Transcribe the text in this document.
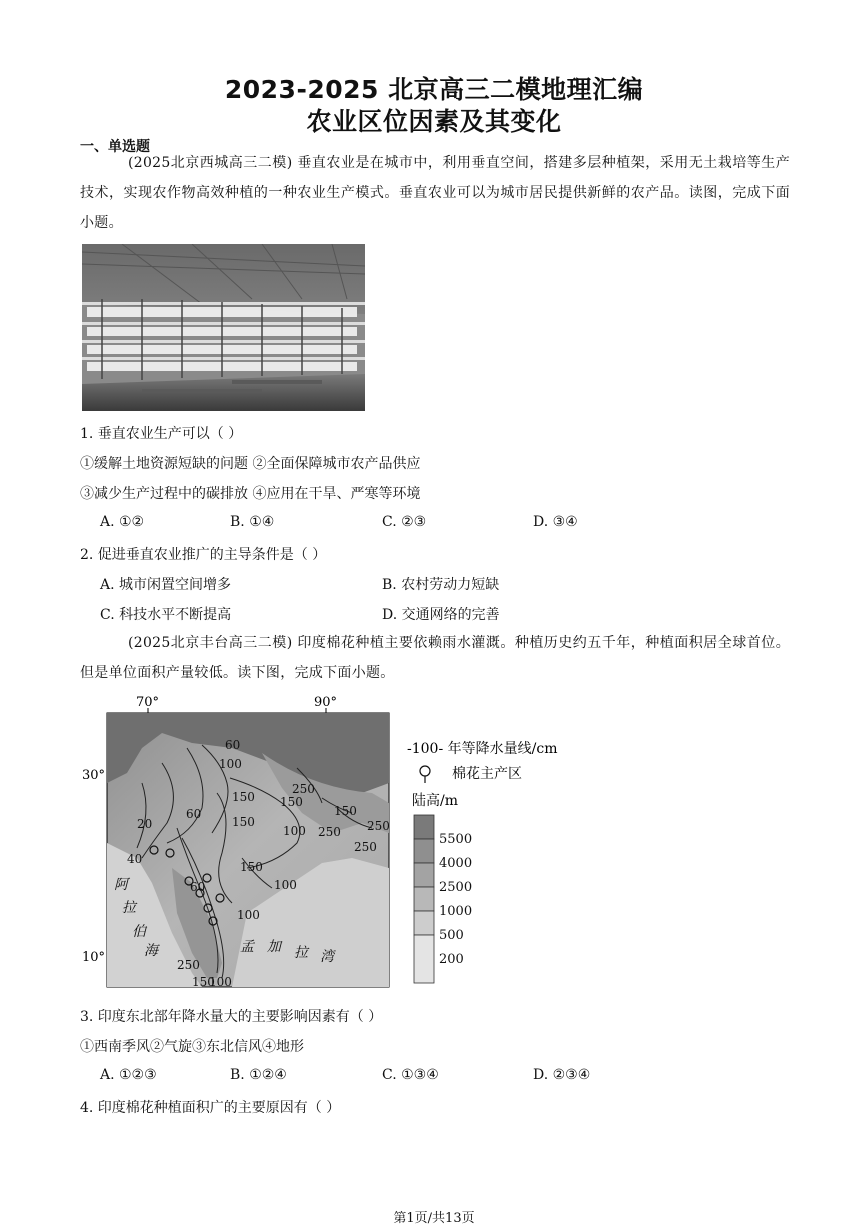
2023-2025 北京高三二模地理汇编
农业区位因素及其变化
一、单选题
(2025北京西城高三二模) 垂直农业是在城市中，利用垂直空间，搭建多层种植架，采用无土栽培等生产技术，实现农作物高效种植的一种农业生产模式。垂直农业可以为城市居民提供新鲜的农产品。读图，完成下面小题。
1. 垂直农业生产可以（ ）
①缓解土地资源短缺的问题 ②全面保障城市农产品供应
③减少生产过程中的碳排放 ④应用在干旱、严寒等环境
A. ①②	B. ①④	C. ②③	D. ③④
2. 促进垂直农业推广的主导条件是（ ）
A. 城市闲置空间增多	B. 农村劳动力短缺
C. 科技水平不断提高	D. 交通网络的完善
(2025北京丰台高三二模) 印度棉花种植主要依赖雨水灌溉。种植历史约五千年，种植面积居全球首位。但是单位面积产量较低。读下图，完成下面小题。
70°	90°
60
100
150
250
150
20
60
150
100 250
150
250
250
40
150
60	100
100
250
150
100
阿
拉
伯
海	孟 加 拉 湾
30°
10°
-100- 年等降水量线/cm
棉花主产区
陆高/m
5500
4000
2500
1000
500
200
3. 印度东北部年降水量大的主要影响因素有（ ）
①西南季风②气旋③东北信风④地形
A. ①②③	B. ①②④	C. ①③④	D. ②③④
4. 印度棉花种植面积广的主要原因有（ ）
第1页/共13页
